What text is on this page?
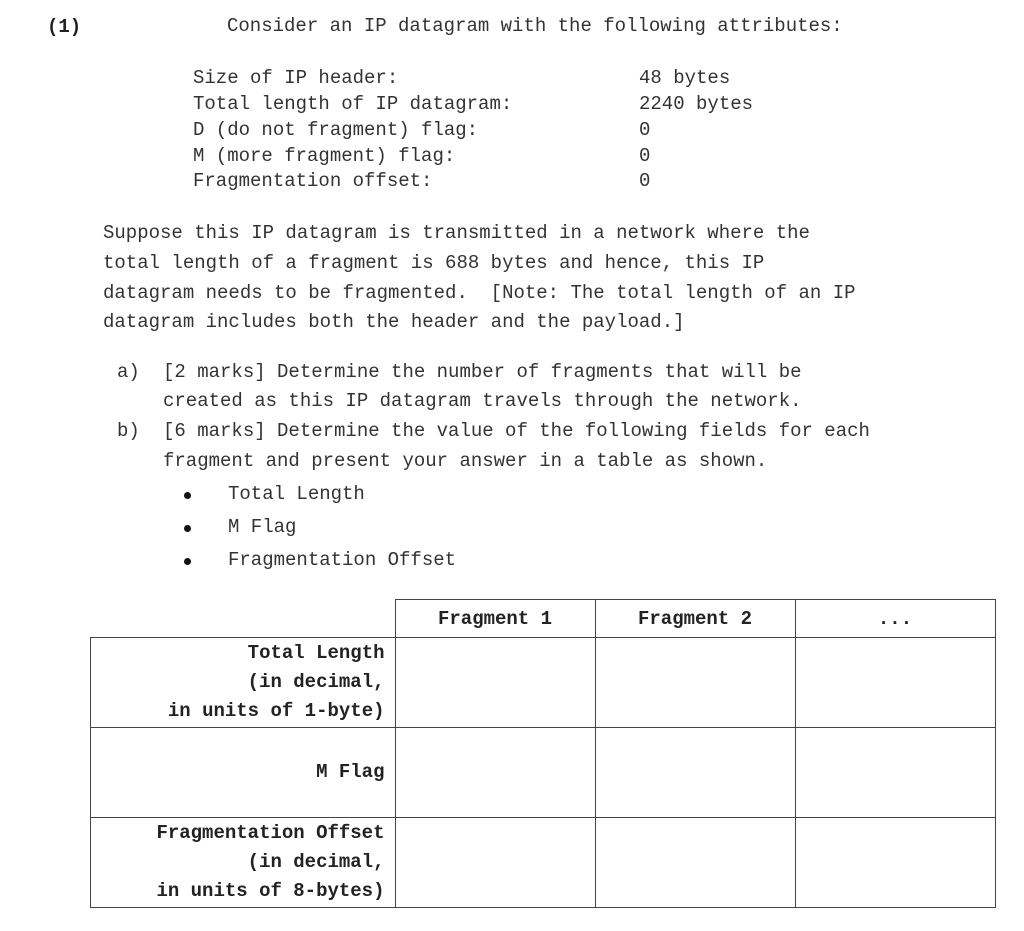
(1)	Consider an IP datagram with the following attributes:
Size of IP header:	48 bytes
Total length of IP datagram:	2240 bytes
D (do not fragment) flag:	0
M (more fragment) flag:	0
Fragmentation offset:	0
Suppose this IP datagram is transmitted in a network where the
total length of a fragment is 688 bytes and hence, this IP
datagram needs to be fragmented.  [Note: The total length of an IP
datagram includes both the header and the payload.]
a) [2 marks] Determine the number of fragments that will be
created as this IP datagram travels through the network.
b) [6 marks] Determine the value of the following fields for each
fragment and present your answer in a table as shown.
Total Length
M Flag
Fragmentation Offset
	Fragment 1	Fragment 2	...

Total Length
(in decimal,
in units of 1-byte)			

M Flag			

Fragmentation Offset
(in decimal,
in units of 8-bytes)			
